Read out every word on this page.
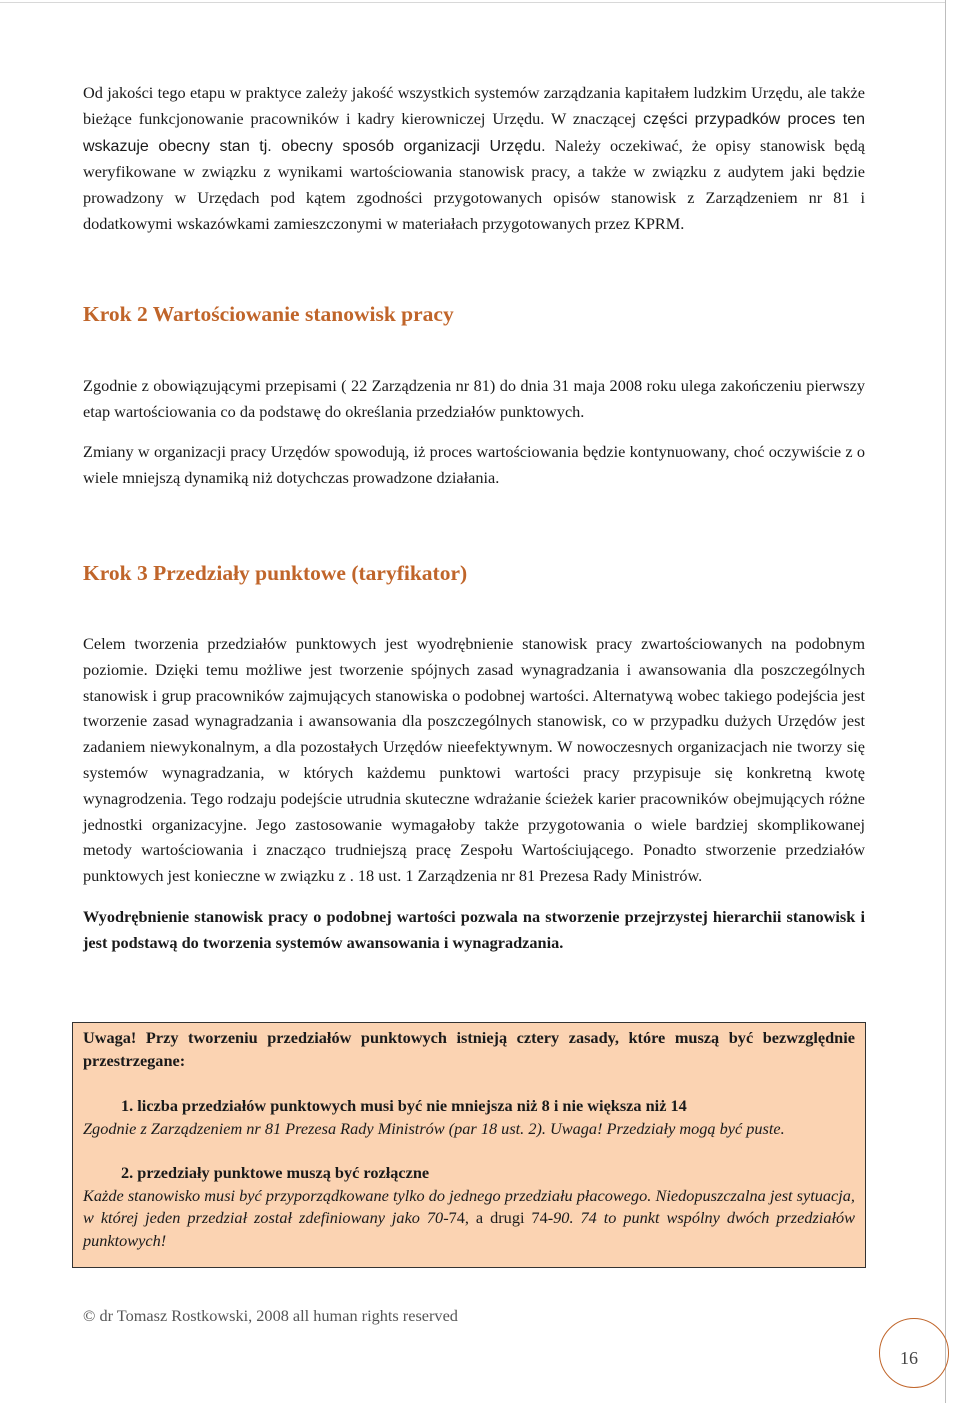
Od jakości tego etapu w praktyce zależy jakość wszystkich systemów zarządzania kapitałem ludzkim Urzędu, ale także bieżące funkcjonowanie pracowników i kadry kierowniczej Urzędu. W znaczącej części przypadków proces ten wskazuje obecny stan tj. obecny sposób organizacji Urzędu. Należy oczekiwać, że opisy stanowisk będą weryfikowane w związku z wynikami wartościowania stanowisk pracy, a także w związku z audytem jaki będzie prowadzony w Urzędach pod kątem zgodności przygotowanych opisów stanowisk z Zarządzeniem nr 81 i dodatkowymi wskazówkami zamieszczonymi w materiałach przygotowanych przez KPRM.

Krok 2 Wartościowanie stanowisk pracy

Zgodnie z obowiązującymi przepisami ( 22 Zarządzenia nr 81) do dnia 31 maja 2008 roku ulega zakończeniu pierwszy etap wartościowania co da podstawę do określania przedziałów punktowych.

Zmiany w organizacji pracy Urzędów spowodują, iż proces wartościowania będzie kontynuowany, choć oczywiście z o wiele mniejszą dynamiką niż dotychczas prowadzone działania.

Krok 3 Przedziały punktowe (taryfikator)

Celem tworzenia przedziałów punktowych jest wyodrębnienie stanowisk pracy zwartościowanych na podobnym poziomie. Dzięki temu możliwe jest tworzenie spójnych zasad wynagradzania i awansowania dla poszczególnych stanowisk i grup pracowników zajmujących stanowiska o podobnej wartości. Alternatywą wobec takiego podejścia jest tworzenie zasad wynagradzania i awansowania dla poszczególnych stanowisk, co w przypadku dużych Urzędów jest zadaniem niewykonalnym, a dla pozostałych Urzędów nieefektywnym. W nowoczesnych organizacjach nie tworzy się systemów wynagradzania, w których każdemu punktowi wartości pracy przypisuje się konkretną kwotę wynagrodzenia. Tego rodzaju podejście utrudnia skuteczne wdrażanie ścieżek karier pracowników obejmujących różne jednostki organizacyjne. Jego zastosowanie wymagałoby także przygotowania o wiele bardziej skomplikowanej metody wartościowania i znacząco trudniejszą pracę Zespołu Wartościującego. Ponadto stworzenie przedziałów punktowych jest konieczne w związku z . 18 ust. 1 Zarządzenia nr 81 Prezesa Rady Ministrów.

Wyodrębnienie stanowisk pracy o podobnej wartości pozwala na stworzenie przejrzystej hierarchii stanowisk i jest podstawą do tworzenia systemów awansowania i wynagradzania.

Uwaga! Przy tworzeniu przedziałów punktowych istnieją cztery zasady, które muszą być bezwzględnie przestrzegane:

1. liczba przedziałów punktowych musi być nie mniejsza niż 8 i nie większa niż 14

Zgodnie z Zarządzeniem nr 81 Prezesa Rady Ministrów (par 18 ust. 2). Uwaga! Przedziały mogą być puste.

2. przedziały punktowe muszą być rozłączne

Każde stanowisko musi być przyporządkowane tylko do jednego przedziału płacowego. Niedopuszczalna jest sytuacja, w której jeden przedział został zdefiniowany jako 70-74, a drugi 74-90. 74 to punkt wspólny dwóch przedziałów punktowych!

© dr Tomasz Rostkowski, 2008 all human rights reserved
16
